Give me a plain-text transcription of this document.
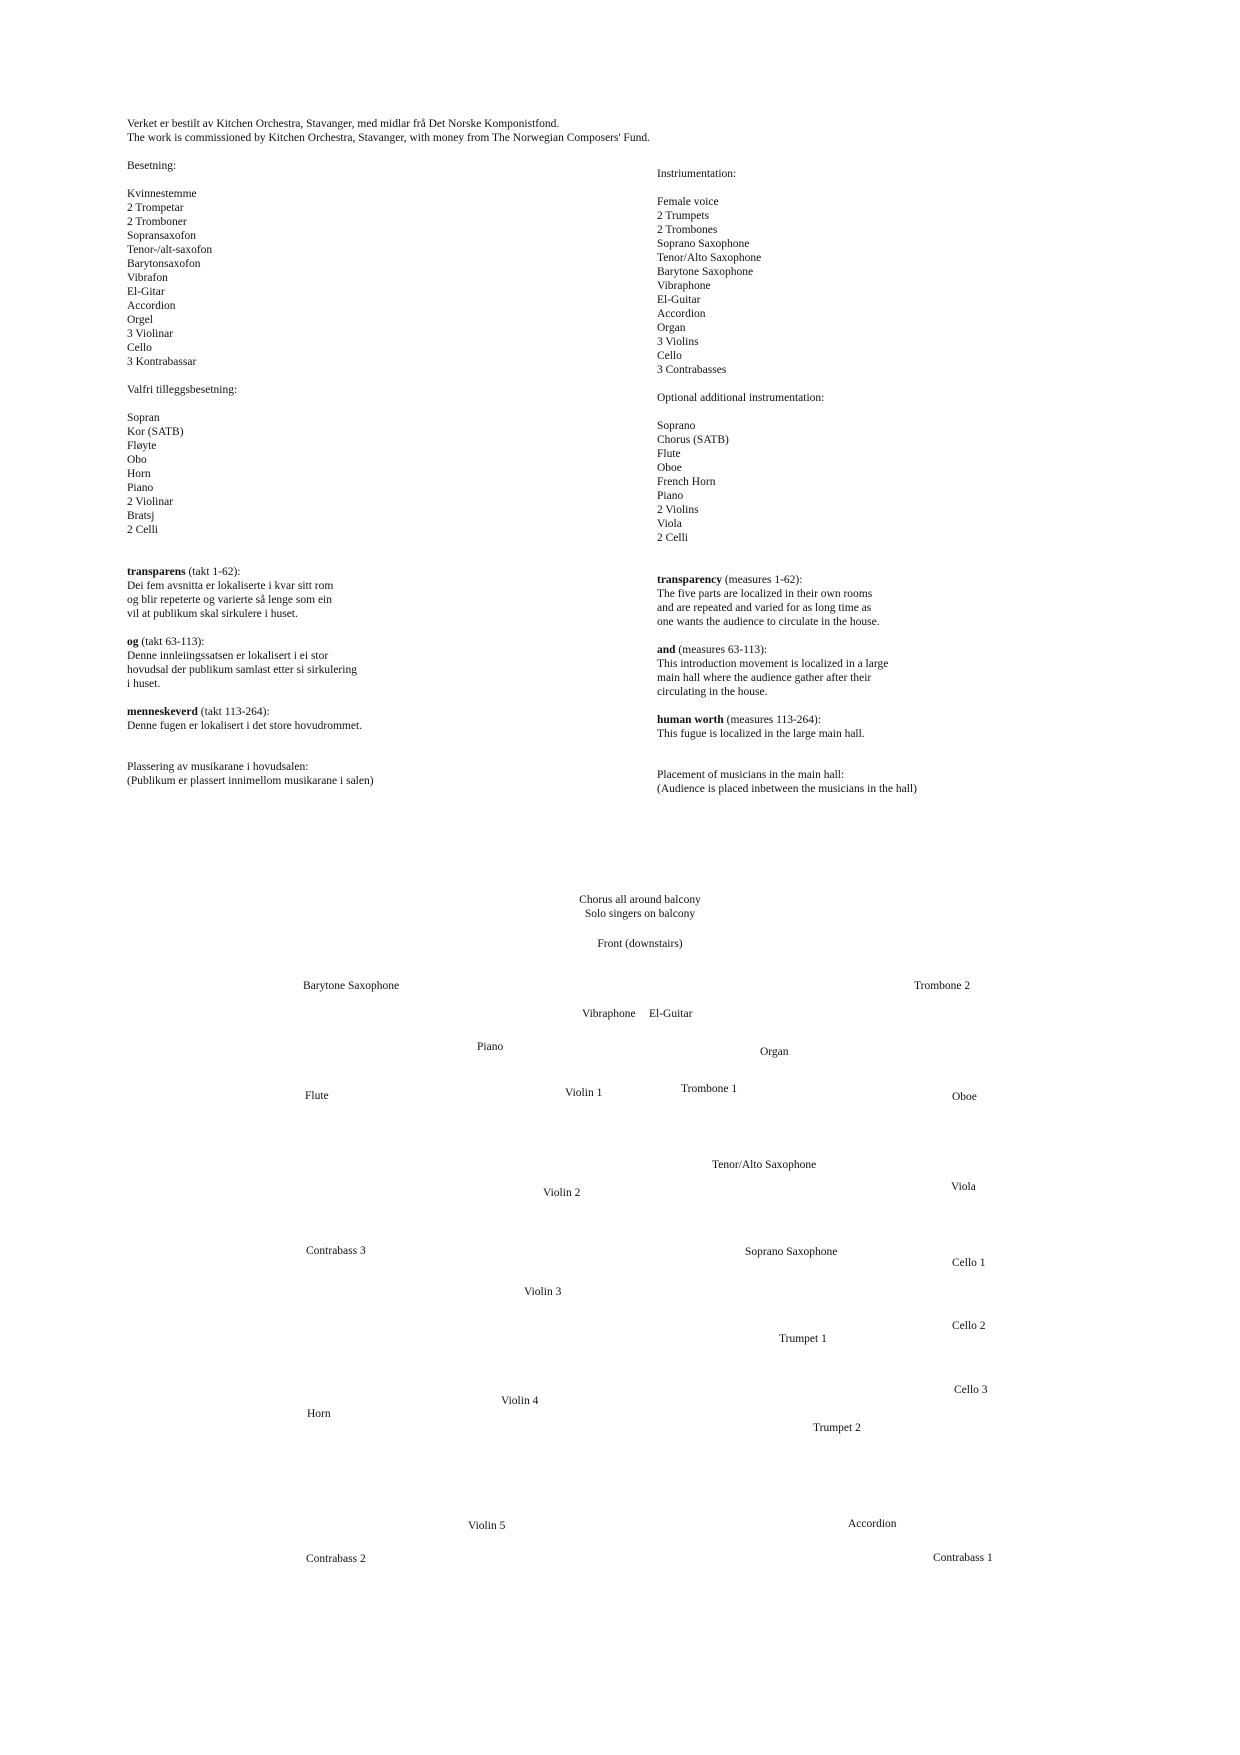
Verket er bestilt av Kitchen Orchestra, Stavanger, med midlar frå Det Norske Komponistfond.
The work is commissioned by Kitchen Orchestra, Stavanger, with money from The Norwegian Composers' Fund.
Besetning:
Kvinnestemme
2 Trompetar
2 Tromboner
Sopransaxofon
Tenor-/alt-saxofon
Barytonsaxofon
Vibrafon
El-Gitar
Accordion
Orgel
3 Violinar
Cello
3 Kontrabassar
Valfri tilleggsbesetning:
Sopran
Kor (SATB)
Fløyte
Obo
Horn
Piano
2 Violinar
Bratsj
2 Celli
transparens (takt 1-62):
Dei fem avsnitta er lokaliserte i kvar sitt rom
og blir repeterte og varierte så lenge som ein
vil at publikum skal sirkulere i huset.
og (takt 63-113):
Denne innleiingssatsen er lokalisert i ei stor
hovudsal der publikum samlast etter si sirkulering
i huset.
menneskeverd (takt 113-264):
Denne fugen er lokalisert i det store hovudrommet.
Plassering av musikarane i hovudsalen:
(Publikum er plassert innimellom musikarane i salen)
Instriumentation:
Female voice
2 Trumpets
2 Trombones
Soprano Saxophone
Tenor/Alto Saxophone
Barytone Saxophone
Vibraphone
El-Guitar
Accordion
Organ
3 Violins
Cello
3 Contrabasses
Optional additional instrumentation:
Soprano
Chorus (SATB)
Flute
Oboe
French Horn
Piano
2 Violins
Viola
2 Celli
transparency (measures 1-62):
The five parts are localized in their own rooms
and are repeated and varied for as long time as
one wants the audience to circulate in the house.
and (measures 63-113):
This introduction movement is localized in a large
main hall where the audience gather after their
circulating in the house.
human worth (measures 113-264):
This fugue is localized in the large main hall.
Placement of musicians in the main hall:
(Audience is placed inbetween the musicians in the hall)
Chorus all around balcony
Solo singers on balcony
Front (downstairs)
Barytone Saxophone	Trombone 2
Vibraphone El-Guitar
Piano	Organ
Flute	Violin 1	Trombone 1
Oboe
Tenor/Alto Saxophone
Violin 2	Viola
Contrabass 3	Soprano Saxophone
Cello 1
Violin 3
Cello 2
Trumpet 1
Cello 3
Violin 4
Horn
Trumpet 2
Violin 5	Accordion
Contrabass 2	Contrabass 1
